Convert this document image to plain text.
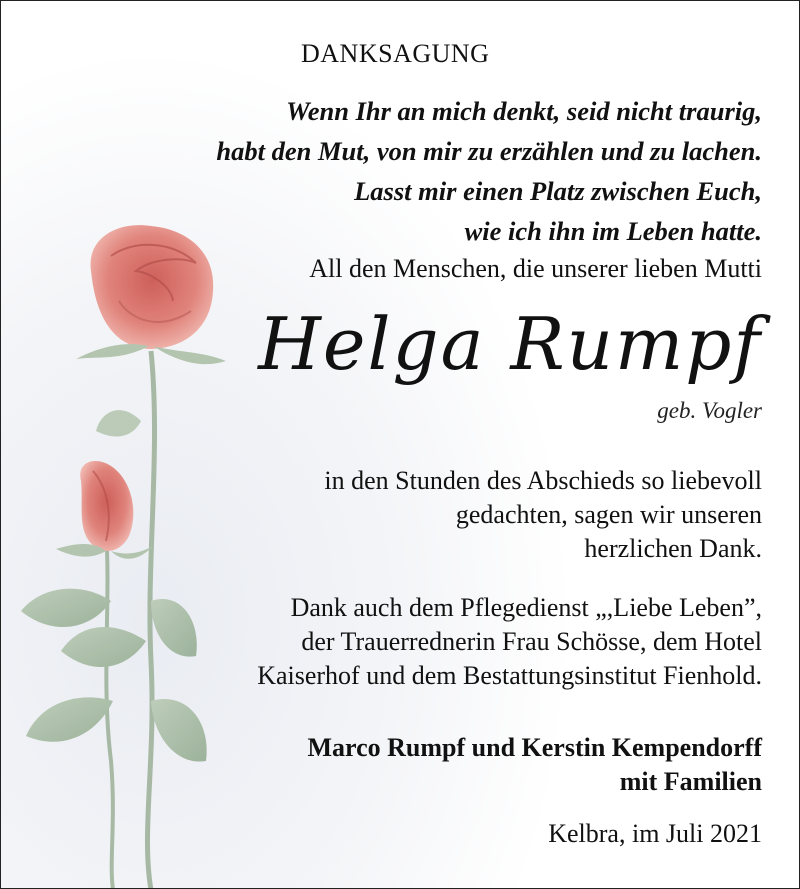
DANKSAGUNG
Wenn Ihr an mich denkt, seid nicht traurig,
habt den Mut, von mir zu erzählen und zu lachen.
Lasst mir einen Platz zwischen Euch,
wie ich ihn im Leben hatte.
All den Menschen, die unserer lieben Mutti
Helga Rumpf
geb. Vogler
in den Stunden des Abschieds so liebevoll
gedachten, sagen wir unseren
herzlichen Dank.
Dank auch dem Pflegedienst „,Liebe Leben”,
der Trauerrednerin Frau Schösse, dem Hotel
Kaiserhof und dem Bestattungsinstitut Fienhold.
Marco Rumpf und Kerstin Kempendorff
mit Familien
Kelbra, im Juli 2021
